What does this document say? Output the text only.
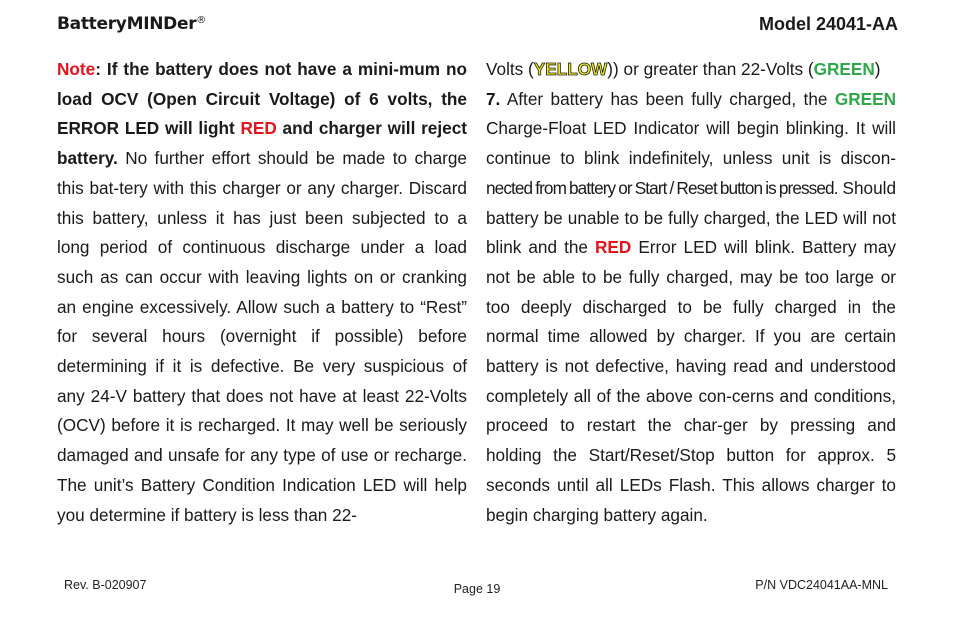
BatteryMINDer®	Model 24041-AA

Note: If the battery does not have a mini-mum no load OCV (Open Circuit Voltage) of 6 volts, the ERROR LED will light RED and charger will reject battery. No further effort should be made to charge this bat-tery with this charger or any charger. Discard this battery, unless it has just been subjected to a long period of continuous discharge under a load such as can occur with leaving lights on or cranking an engine excessively. Allow such a battery to “Rest” for several hours (overnight if possible) before determining if it is defective. Be very suspicious of any 24-V battery that does not have at least 22-Volts (OCV) before it is recharged. It may well be seriously damaged and unsafe for any type of use or recharge. The unit’s Battery Condition Indication LED will help you determine if battery is less than 22-

Volts (YELLOW)) or greater than 22-Volts (GREEN)

7. After battery has been fully charged, the GREEN Charge-Float LED Indicator will begin blinking. It will continue to blink indefinitely, unless unit is discon-nected from battery or Start / Reset button is pressed. Should battery be unable to be fully charged, the LED will not blink and the RED Error LED will blink. Battery may not be able to be fully charged, may be too large or too deeply discharged to be fully charged in the normal time allowed by charger. If you are certain battery is not defective, having read and understood completely all of the above con-cerns and conditions, proceed to restart the char-ger by pressing and holding the Start/Reset/Stop button for approx. 5 seconds until all LEDs Flash. This allows charger to begin charging battery again.

Rev. B-020907	Page 19	P/N VDC24041AA-MNL
